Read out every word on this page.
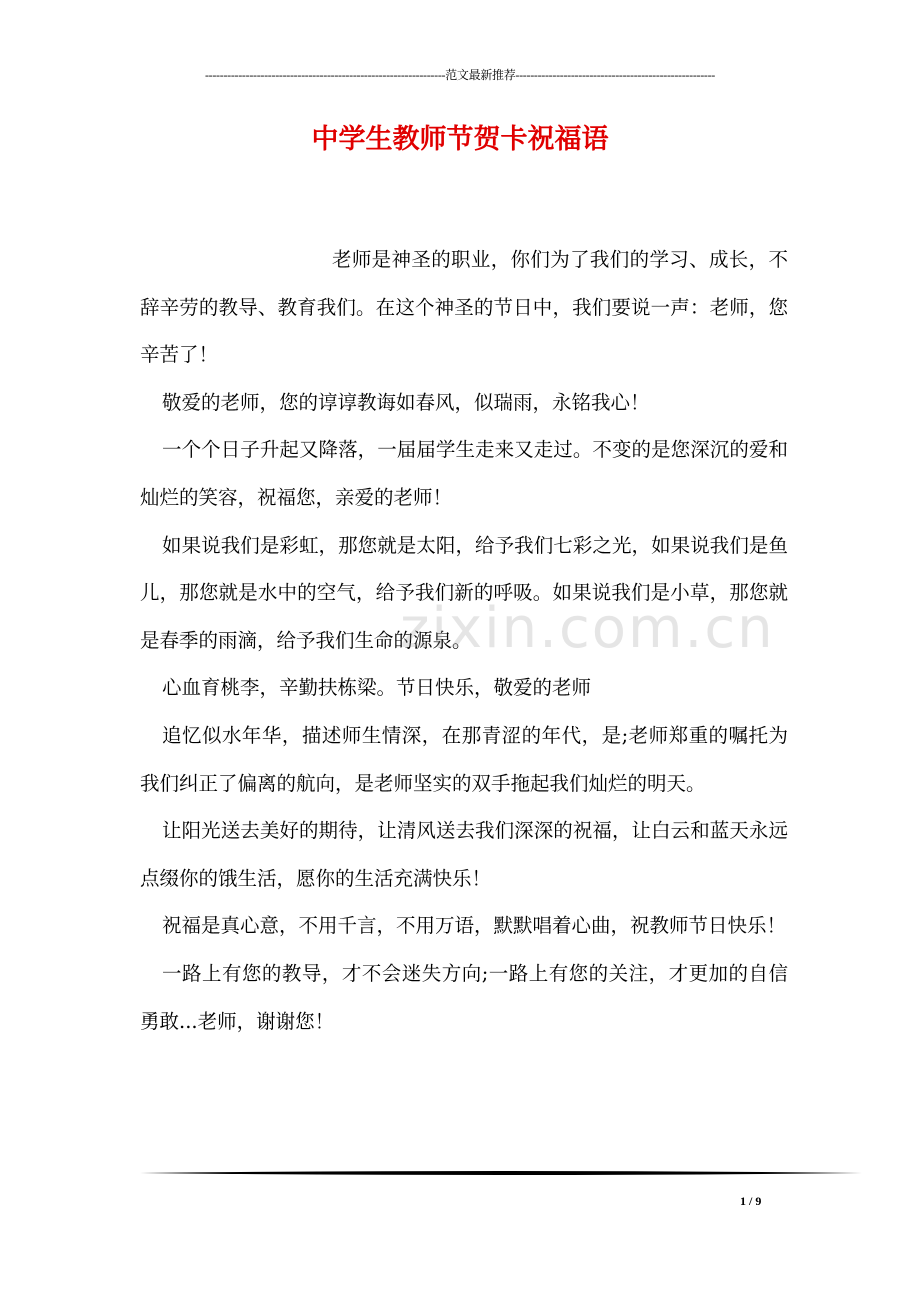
-----------------------------------------------------------------范文最新推荐------------------------------------------------------
中学生教师节贺卡祝福语

老师是神圣的职业，你们为了我们的学习、成长，不辞辛劳的教导、教育我们。在这个神圣的节日中，我们要说一声：老师，您辛苦了！

敬爱的老师，您的谆谆教诲如春风，似瑞雨，永铭我心！

一个个日子升起又降落，一届届学生走来又走过。不变的是您深沉的爱和灿烂的笑容，祝福您，亲爱的老师！

如果说我们是彩虹，那您就是太阳，给予我们七彩之光，如果说我们是鱼儿，那您就是水中的空气，给予我们新的呼吸。如果说我们是小草，那您就是春季的雨滴，给予我们生命的源泉。

心血育桃李，辛勤扶栋梁。节日快乐，敬爱的老师

追忆似水年华，描述师生情深，在那青涩的年代，是;老师郑重的嘱托为我们纠正了偏离的航向，是老师坚实的双手拖起我们灿烂的明天。

让阳光送去美好的期待，让清风送去我们深深的祝福，让白云和蓝天永远点缀你的饿生活，愿你的生活充满快乐！

祝福是真心意，不用千言，不用万语，默默唱着心曲，祝教师节日快乐！

一路上有您的教导，才不会迷失方向;一路上有您的关注，才更加的自信勇敢...老师，谢谢您！

zixin.com.cn
1 / 9
